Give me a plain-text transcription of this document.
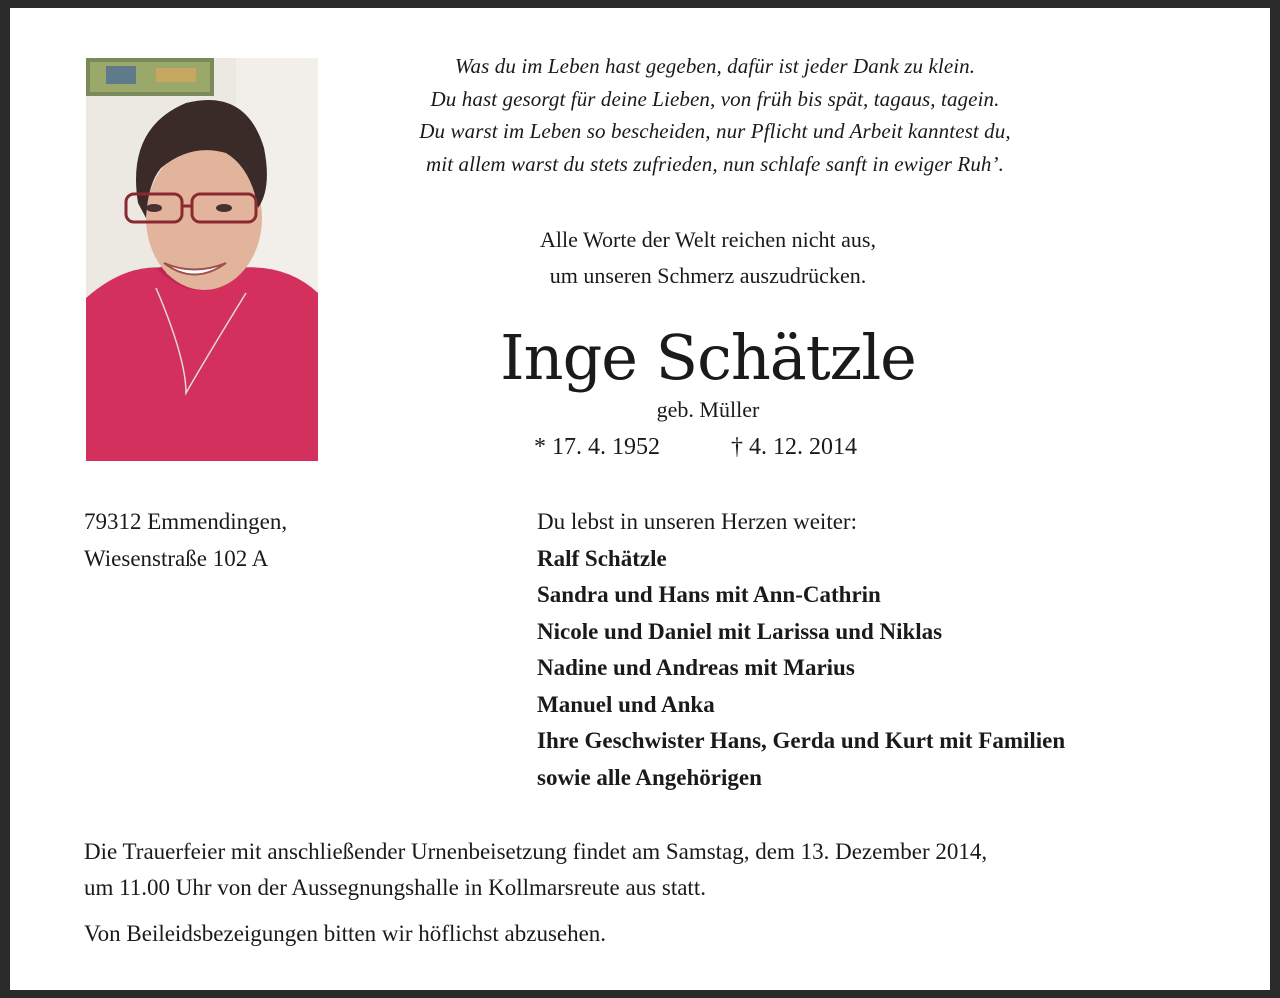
Was du im Leben hast gegeben, dafür ist jeder Dank zu klein.
Du hast gesorgt für deine Lieben, von früh bis spät, tagaus, tagein.
Du warst im Leben so bescheiden, nur Pflicht und Arbeit kanntest du,
mit allem warst du stets zufrieden, nun schlafe sanft in ewiger Ruh’.
Alle Worte der Welt reichen nicht aus,
um unseren Schmerz auszudrücken.
Inge Schätzle
geb. Müller
* 17. 4. 1952	† 4. 12. 2014
79312 Emmendingen,
Wiesenstraße 102 A
Du lebst in unseren Herzen weiter:
Ralf Schätzle
Sandra und Hans mit Ann-Cathrin
Nicole und Daniel mit Larissa und Niklas
Nadine und Andreas mit Marius
Manuel und Anka
Ihre Geschwister Hans, Gerda und Kurt mit Familien
sowie alle Angehörigen
Die Trauerfeier mit anschließender Urnenbeisetzung findet am Samstag, dem 13. Dezember 2014,
um 11.00 Uhr von der Aussegnungshalle in Kollmarsreute aus statt.
Von Beileidsbezeigungen bitten wir höflichst abzusehen.
